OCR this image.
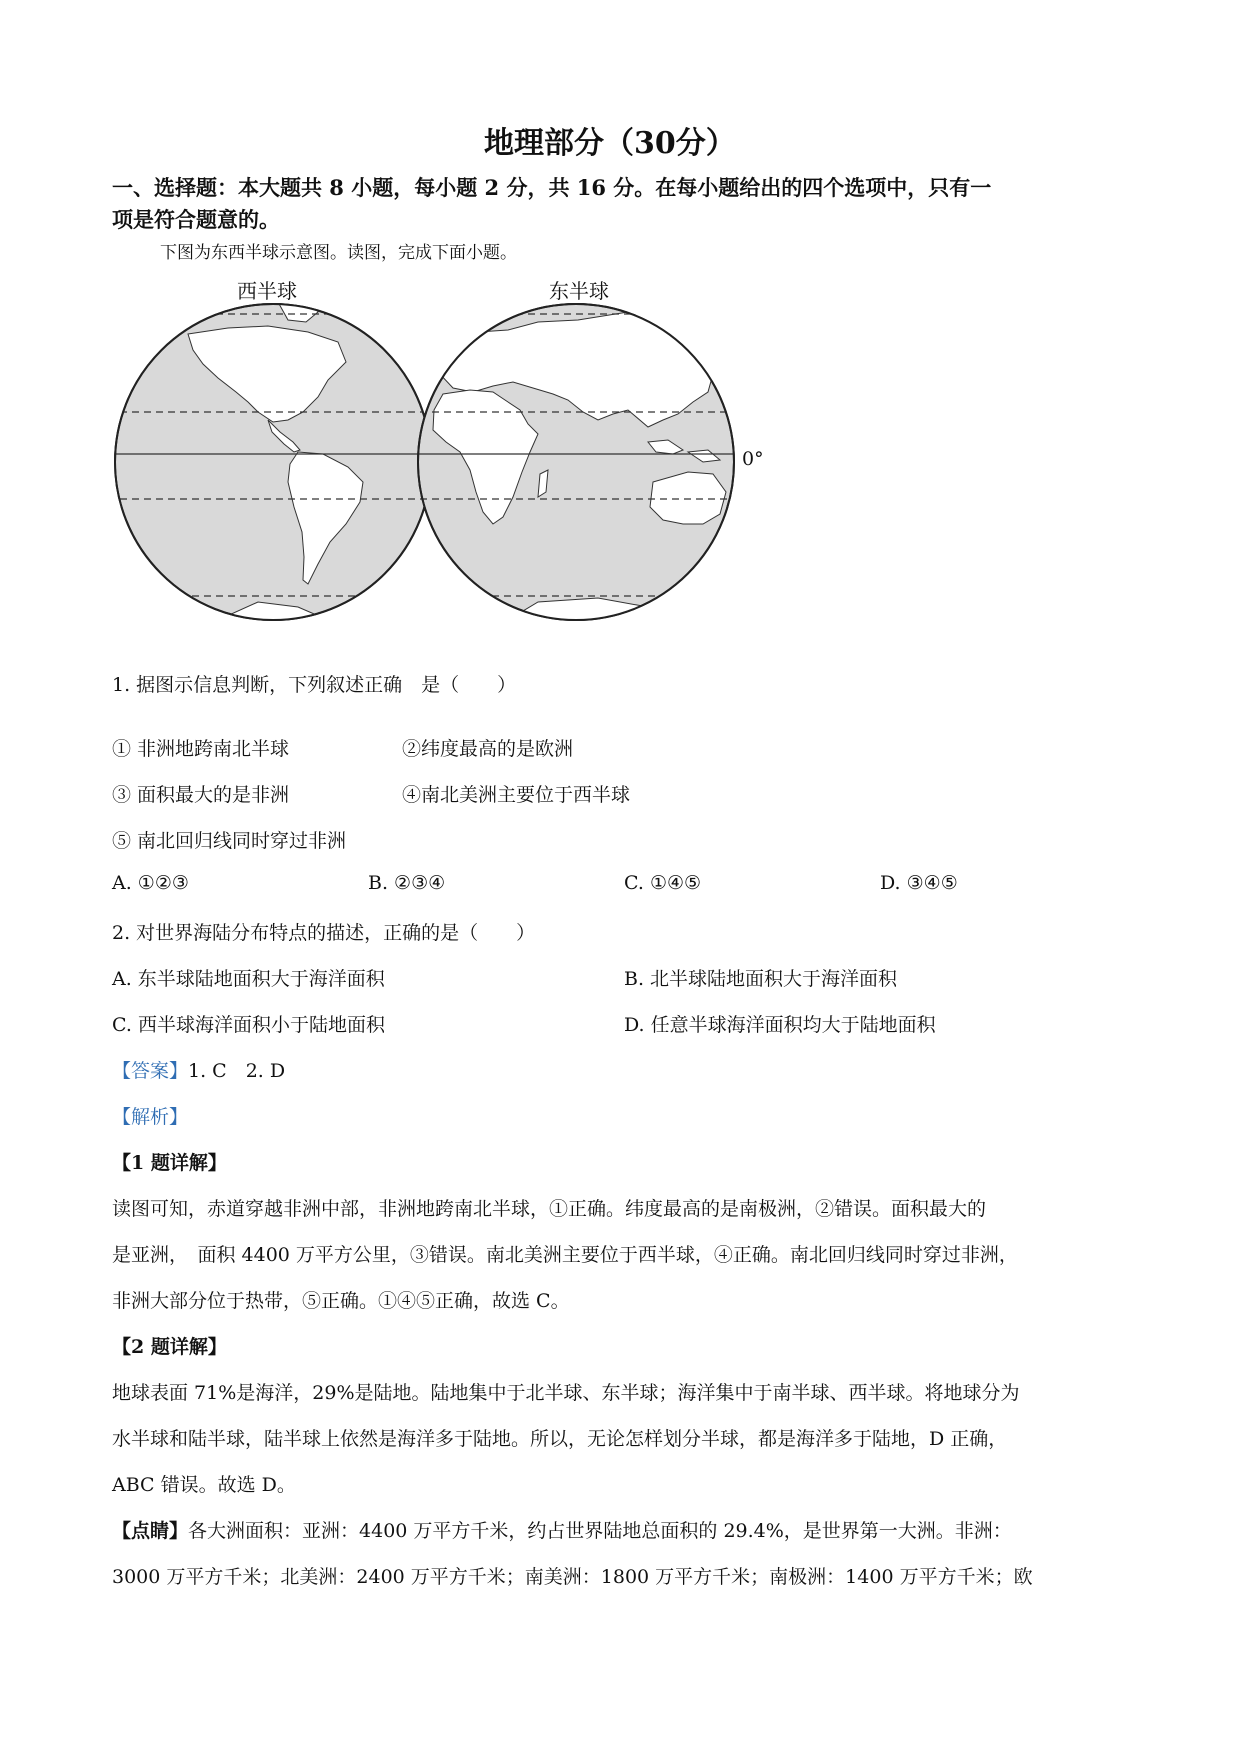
地理部分（30分）
一、选择题：本大题共 8 小题，每小题 2 分，共 16 分。在每小题给出的四个选项中，只有一
项是符合题意的。
下图为东西半球示意图。读图，完成下面小题。
西半球	东半球
0°
1. 据图示信息判断，下列叙述正确　是（　　）
① 非洲地跨南北半球	②纬度最高的是欧洲
③ 面积最大的是非洲	④南北美洲主要位于西半球
⑤ 南北回归线同时穿过非洲
A. ①②③	B. ②③④	C. ①④⑤	D. ③④⑤
2. 对世界海陆分布特点的描述，正确的是（　　）
A. 东半球陆地面积大于海洋面积	B. 北半球陆地面积大于海洋面积
C. 西半球海洋面积小于陆地面积	D. 任意半球海洋面积均大于陆地面积
【答案】1. C　2. D
【解析】
【1 题详解】
读图可知，赤道穿越非洲中部，非洲地跨南北半球，①正确。纬度最高的是南极洲，②错误。面积最大的
是亚洲，　面积 4400 万平方公里，③错误。南北美洲主要位于西半球，④正确。南北回归线同时穿过非洲，
非洲大部分位于热带，⑤正确。①④⑤正确，故选 C。
【2 题详解】
地球表面 71%是海洋，29%是陆地。陆地集中于北半球、东半球；海洋集中于南半球、西半球。将地球分为
水半球和陆半球，陆半球上依然是海洋多于陆地。所以，无论怎样划分半球，都是海洋多于陆地，D 正确，
ABC 错误。故选 D。
【点睛】各大洲面积：亚洲：4400 万平方千米，约占世界陆地总面积的 29.4%，是世界第一大洲。非洲：
3000 万平方千米；北美洲：2400 万平方千米；南美洲：1800 万平方千米；南极洲：1400 万平方千米；欧
